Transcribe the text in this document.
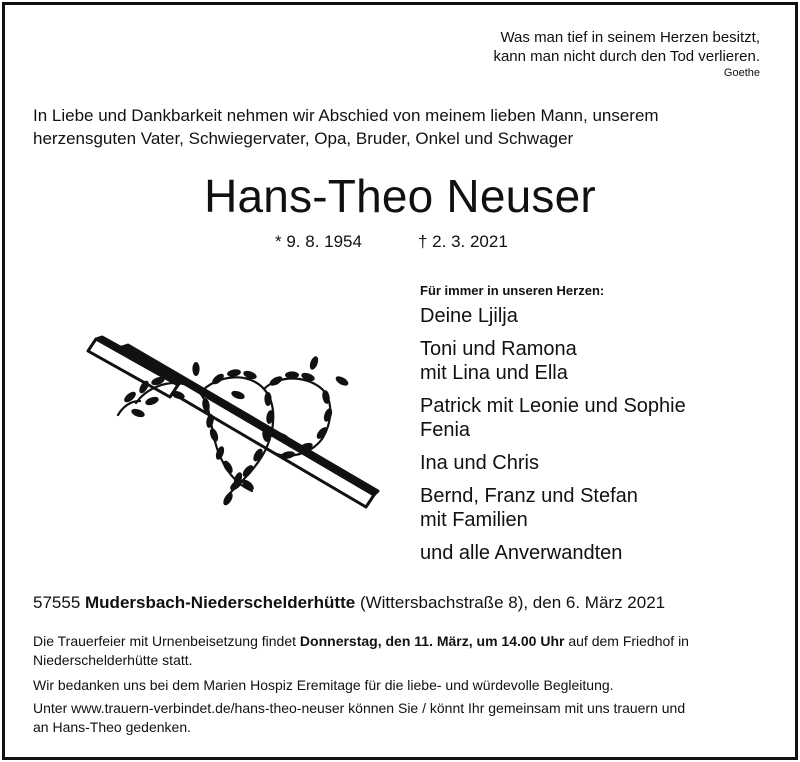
Was man tief in seinem Herzen besitzt,
kann man nicht durch den Tod verlieren.
Goethe
In Liebe und Dankbarkeit nehmen wir Abschied von meinem lieben Mann, unserem
herzensguten Vater, Schwiegervater, Opa, Bruder, Onkel und Schwager
Hans-Theo Neuser
* 9. 8. 1954	† 2. 3. 2021
Für immer in unseren Herzen:
Deine Ljilja
Toni und Ramona
mit Lina und Ella
Patrick mit Leonie und Sophie
Fenia
Ina und Chris
Bernd, Franz und Stefan
mit Familien
und alle Anverwandten
57555 Mudersbach-Niederschelderhütte (Wittersbachstraße 8), den 6. März 2021
Die Trauerfeier mit Urnenbeisetzung findet Donnerstag, den 11. März, um 14.00 Uhr auf dem Friedhof in
Niederschelderhütte statt.
Wir bedanken uns bei dem Marien Hospiz Eremitage für die liebe- und würdevolle Begleitung.
Unter www.trauern-verbindet.de/hans-theo-neuser können Sie / könnt Ihr gemeinsam mit uns trauern und
an Hans-Theo gedenken.
